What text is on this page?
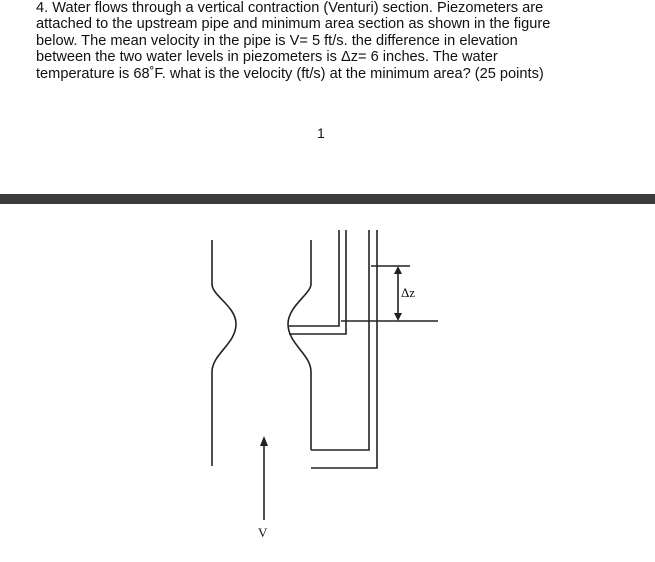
4. Water flows through a vertical contraction (Venturi) section. Piezometers are
attached to the upstream pipe and minimum area section as shown in the figure
below. The mean velocity in the pipe is V= 5 ft/s. the difference in elevation
between the two water levels in piezometers is Δz= 6 inches. The water
temperature is 68˚F. what is the velocity (ft/s) at the minimum area? (25 points)
1
Δz
V
